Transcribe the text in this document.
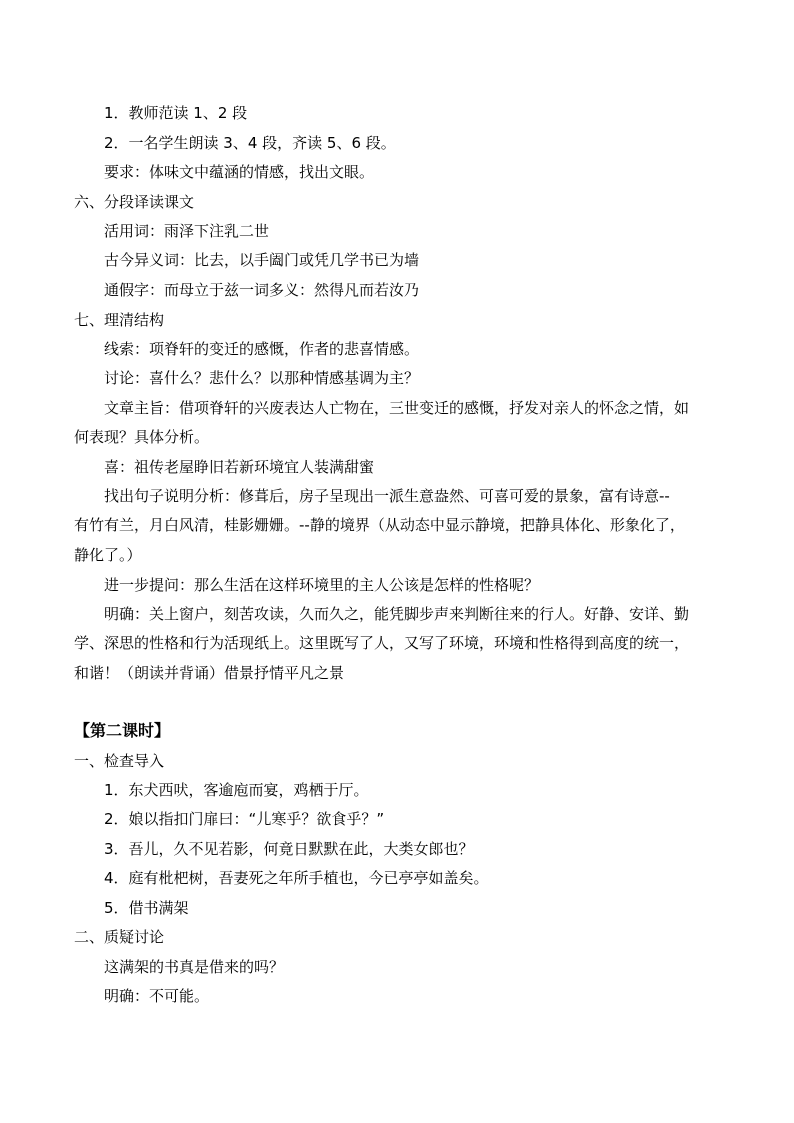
1．教师范读 1、2 段
2．一名学生朗读 3、4 段，齐读 5、6 段。
要求：体味文中蕴涵的情感，找出文眼。
六、分段译读课文
活用词：雨泽下注乳二世
古今异义词：比去，以手阖门或凭几学书已为墙
通假字：而母立于兹一词多义：然得凡而若汝乃
七、理清结构
线索：项脊轩的变迁的感慨，作者的悲喜情感。
讨论：喜什么？悲什么？以那种情感基调为主？
文章主旨：借项脊轩的兴废表达人亡物在，三世变迁的感慨，抒发对亲人的怀念之情，如
何表现？具体分析。
喜：祖传老屋睁旧若新环境宜人装满甜蜜
找出句子说明分析：修葺后，房子呈现出一派生意盎然、可喜可爱的景象，富有诗意--
有竹有兰，月白风清，桂影姗姗。--静的境界（从动态中显示静境，把静具体化、形象化了，
静化了。）
进一步提问：那么生活在这样环境里的主人公该是怎样的性格呢？
明确：关上窗户，刻苦攻读，久而久之，能凭脚步声来判断往来的行人。好静、安详、勤
学、深思的性格和行为活现纸上。这里既写了人，又写了环境，环境和性格得到高度的统一，
和谐！（朗读并背诵）借景抒情平凡之景
【第二课时】
一、检查导入
1．东犬西吠，客逾庖而宴，鸡栖于厅。
2．娘以指扣门扉曰：“儿寒乎？欲食乎？”
3．吾儿，久不见若影，何竟日默默在此，大类女郎也？
4．庭有枇杷树，吾妻死之年所手植也，今已亭亭如盖矣。
5．借书满架
二、质疑讨论
这满架的书真是借来的吗？
明确：不可能。
